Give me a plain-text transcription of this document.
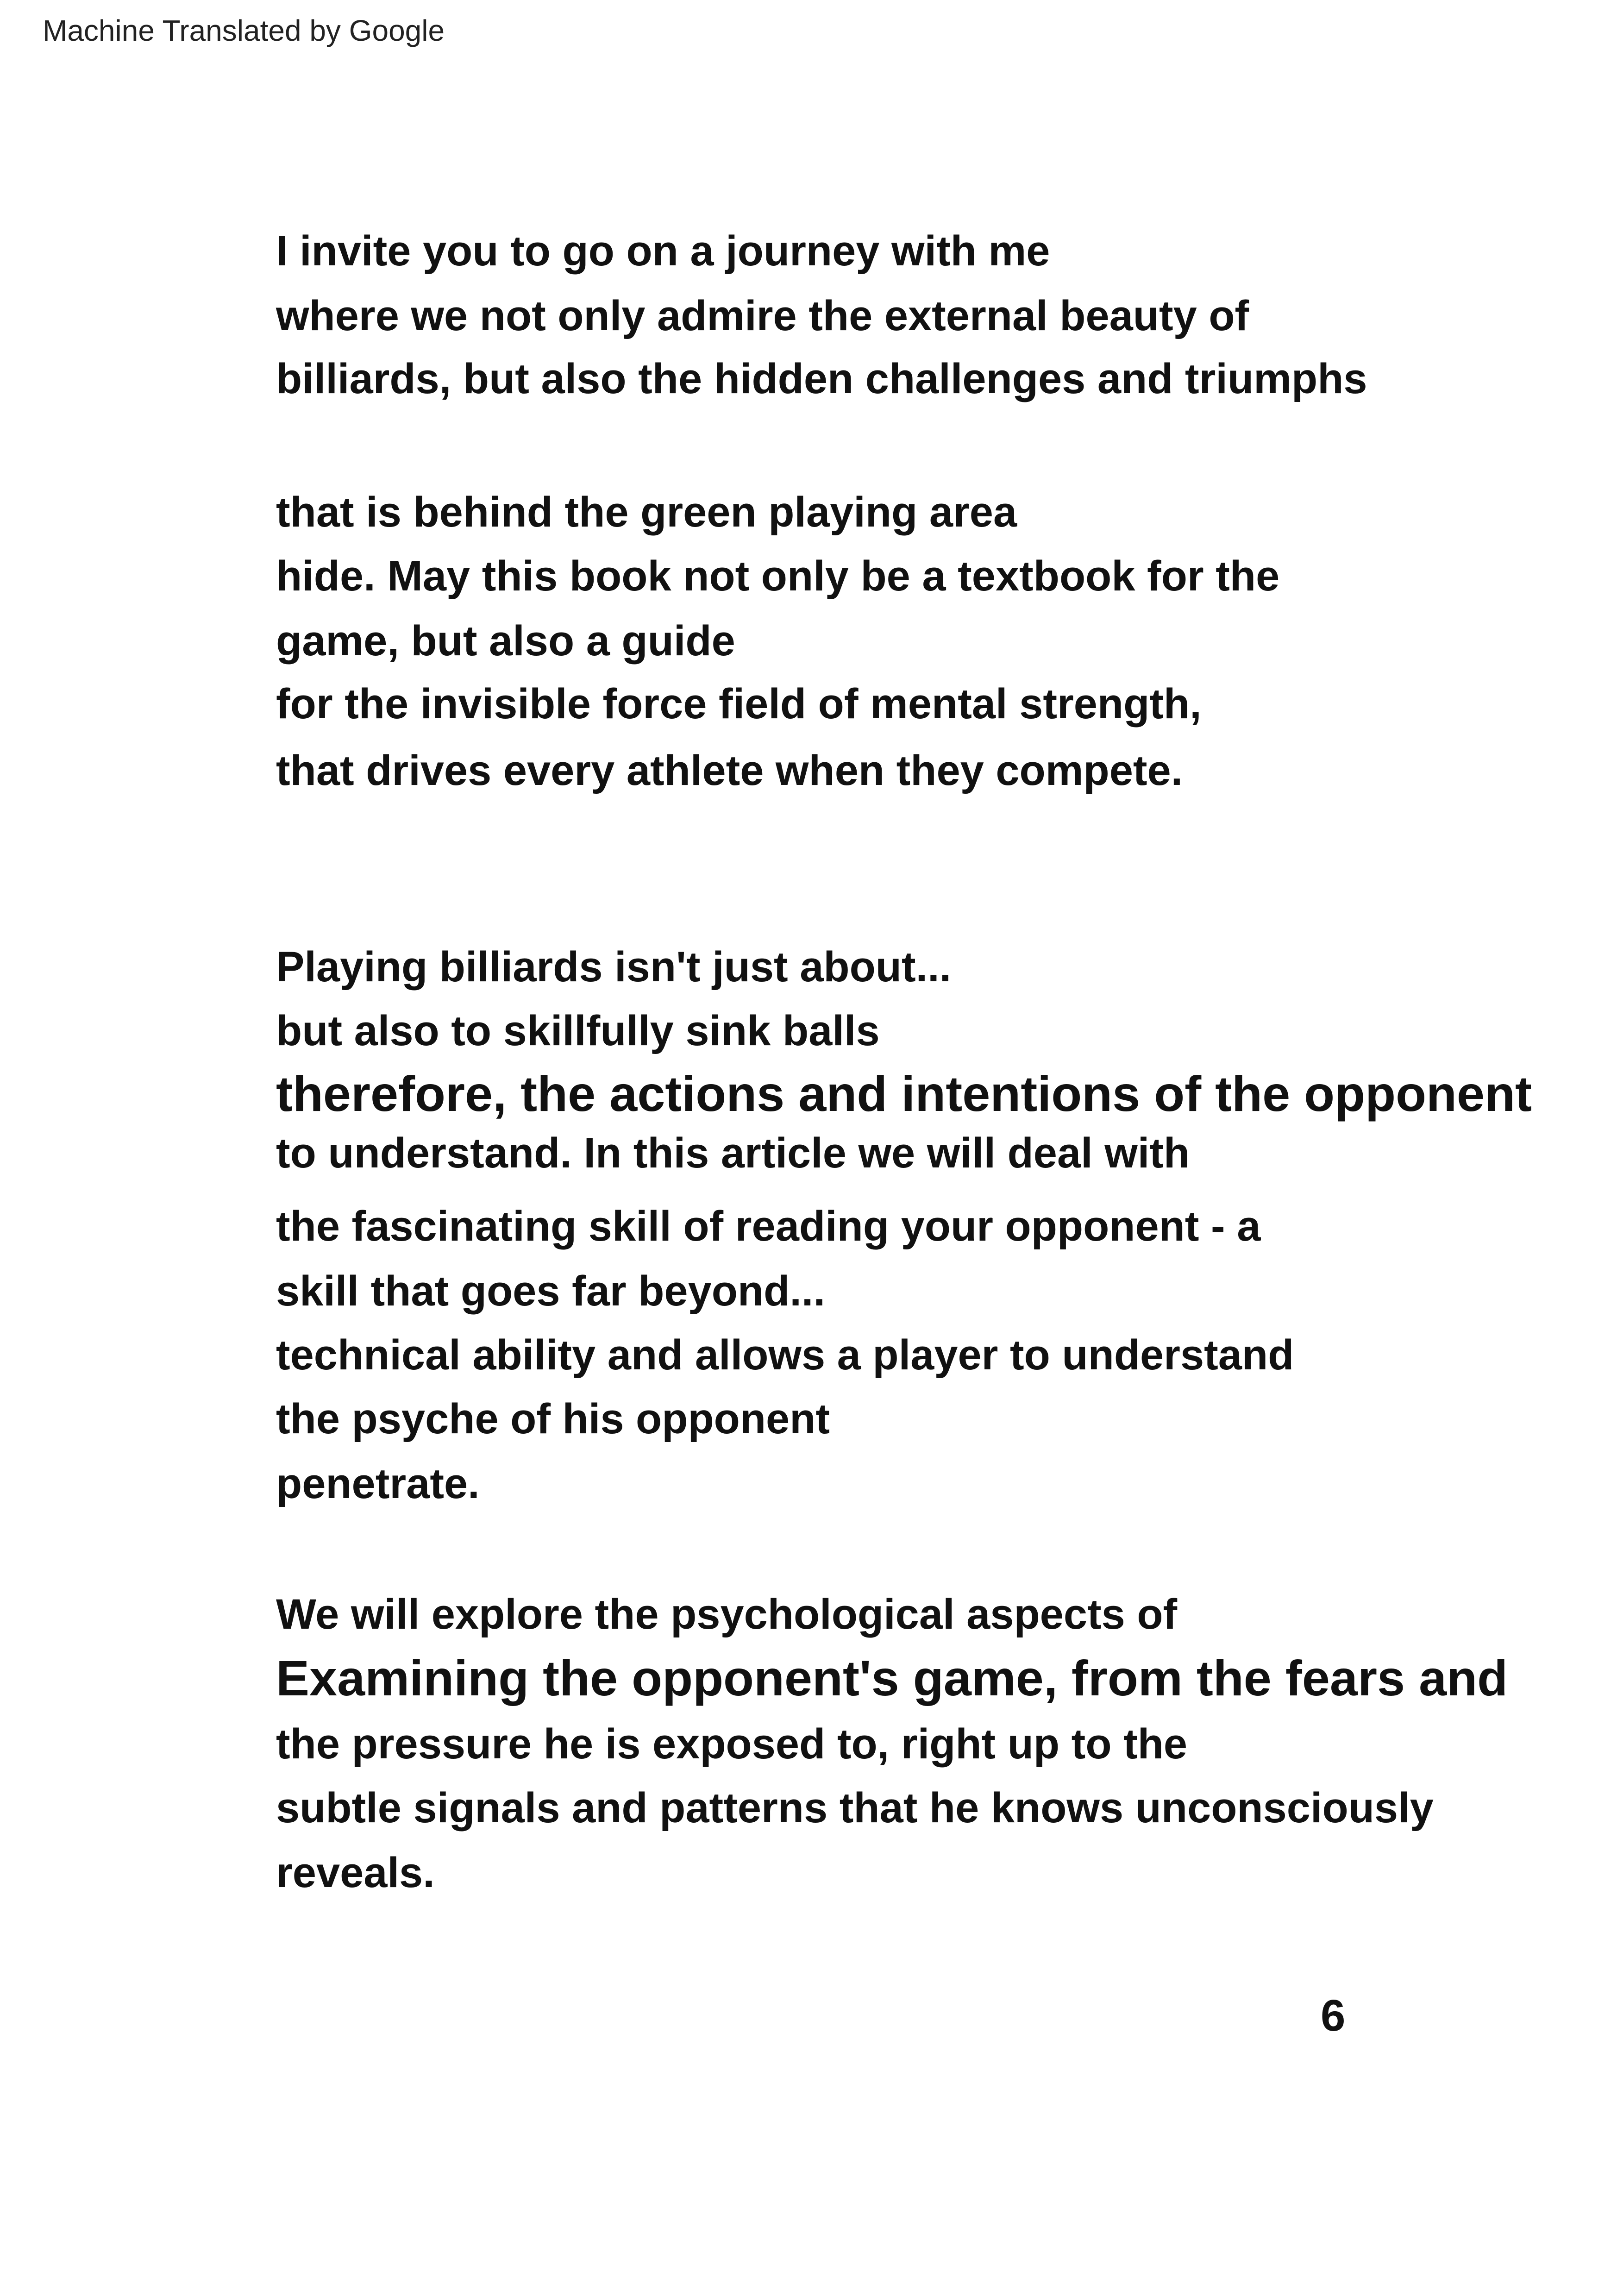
Machine Translated by Google
I invite you to go on a journey with me
where we not only admire the external beauty of
billiards, but also the hidden challenges and triumphs
that is behind the green playing area
hide. May this book not only be a textbook for the
game, but also a guide
for the invisible force field of mental strength,
that drives every athlete when they compete.
Playing billiards isn't just about...
but also to skillfully sink balls
therefore, the actions and intentions of the opponent
to understand. In this article we will deal with
the fascinating skill of reading your opponent - a
skill that goes far beyond...
technical ability and allows a player to understand
the psyche of his opponent
penetrate.
We will explore the psychological aspects of
Examining the opponent's game, from the fears and
the pressure he is exposed to, right up to the
subtle signals and patterns that he knows unconsciously
reveals.
6
